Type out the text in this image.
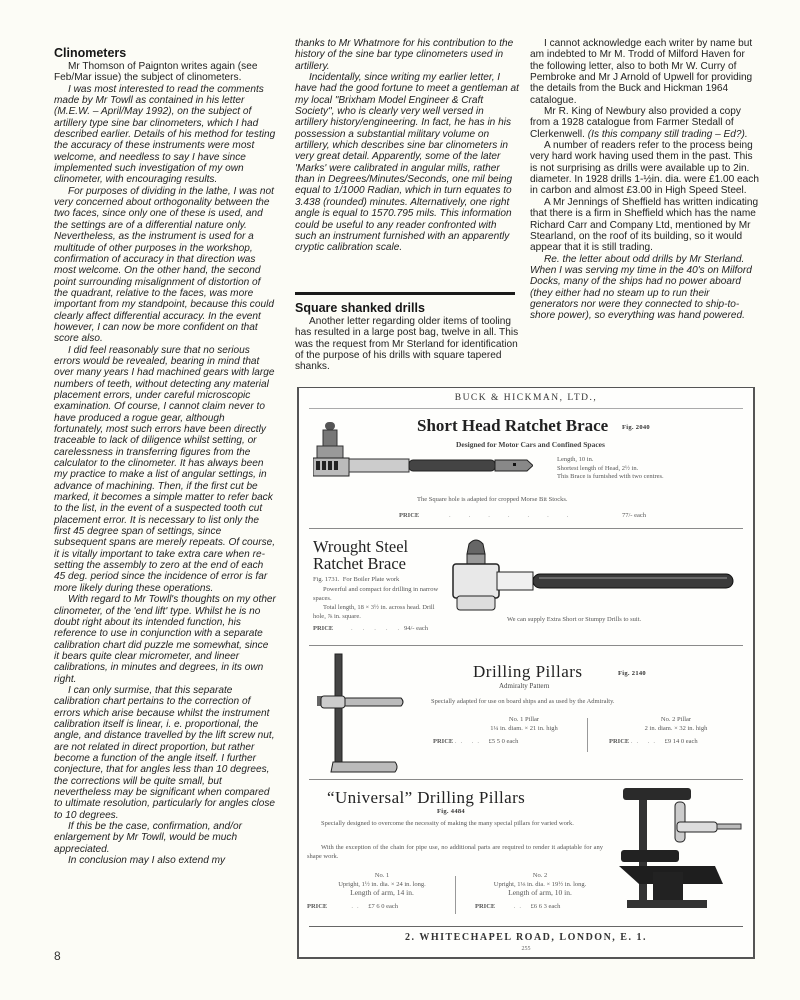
Clinometers

Mr Thomson of Paignton writes again (see Feb/Mar issue) the subject of clinometers.

I was most interested to read the comments made by Mr Towll as contained in his letter (M.E.W. – April/May 1992), on the subject of artillery type sine bar clinometers, which I had described earlier. Details of his method for testing the accuracy of these instruments were most welcome, and needless to say I have since implemented such investigation of my own clinometer, with encouraging results.

For purposes of dividing in the lathe, I was not very concerned about orthogonality between the two faces, since only one of these is used, and the settings are of a differential nature only. Nevertheless, as the instrument is used for a multitude of other purposes in the workshop, confirmation of accuracy in that direction was most welcome. On the other hand, the second point surrounding misalignment of distortion of the quadrant, relative to the faces, was more important from my standpoint, because this could clearly affect differential accuracy. In the event however, I can now be more confident on that score also.

I did feel reasonably sure that no serious errors would be revealed, bearing in mind that over many years I had machined gears with large numbers of teeth, without detecting any material placement errors, under careful microscopic examination. Of course, I cannot claim never to have produced a rogue gear, although fortunately, most such errors have been directly traceable to lack of diligence whilst setting, or carelessness in transferring figures from the calculator to the clinometer. It has always been my practice to make a list of angular settings, in advance of machining. Then, if the first cut be marked, it becomes a simple matter to refer back to the list, in the event of a suspected tooth cut placement error. It is necessary to list only the first 45 degree span of settings, since subsequent spans are merely repeats. Of course, it is vitally important to take extra care when re-setting the assembly to zero at the end of each 45 deg. period since the incidence of error is far more likely during these operations.

With regard to Mr Towll's thoughts on my other clinometer, of the 'end lift' type. Whilst he is no doubt right about its intended function, his reference to use in conjunction with a separate calibration chart did puzzle me somewhat, since it bears quite clear micrometer, and lineer calibrations, in minutes and degrees, in its own right.

I can only surmise, that this separate calibration chart pertains to the correction of errors which arise because whilst the instrument calibration itself is linear, i. e. proportional, the angle, and distance travelled by the lift screw nut, are not related in direct proportion, but rather become a function of the angle itself. I further conjecture, that for angles less than 10 degrees, the corrections will be quite small, but nevertheless may be significant when compared to ultimate resolution, particularly for angles close to 10 degrees.

If this be the case, confirmation, and/or enlargement by Mr Towll, would be much appreciated.

In conclusion may I also extend my

thanks to Mr Whatmore for his contribution to the history of the sine bar type clinometers used in artillery.

Incidentally, since writing my earlier letter, I have had the good fortune to meet a gentleman at my local "Brixham Model Engineer & Craft Society", who is clearly very well versed in artillery history/engineering. In fact, he has in his possession a substantial military volume on artillery, which describes sine bar clinometers in very great detail. Apparently, some of the later 'Marks' were calibrated in angular mills, rather than in Degrees/Minutes/Seconds, one mil being equal to 1/1000 Radian, which in turn equates to 3.438 (rounded) minutes. Alternatively, one right angle is equal to 1570.795 mils. This information could be useful to any reader confronted with such an instrument furnished with an apparently cryptic calibration scale.

Square shanked drills

Another letter regarding older items of tooling has resulted in a large post bag, twelve in all. This was the request from Mr Sterland for identification of the purpose of his drills with square tapered shanks.

I cannot acknowledge each writer by name but am indebted to Mr M. Trodd of Milford Haven for the following letter, also to both Mr W. Curry of Pembroke and Mr J Arnold of Upwell for providing the details from the Buck and Hickman 1964 catalogue.

Mr R. King of Newbury also provided a copy from a 1928 catalogue from Farmer Stedall of Clerkenwell. (Is this company still trading – Ed?).

A number of readers refer to the process being very hard work having used them in the past. This is not surprising as drills were available up to 2in. diameter. In 1928 drills 1-½in. dia. were £1.00 each in carbon and almost £3.00 in High Speed Steel.

A Mr Jennings of Sheffield has written indicating that there is a firm in Sheffield which has the name Richard Carr and Company Ltd, mentioned by Mr Stearland, on the roof of its building, so it would appear that it is still trading.

Re. the letter about odd drills by Mr Sterland. When I was serving my time in the 40's on Milford Docks, many of the ships had no power aboard (they either had no steam up to run their generators nor were they connected to ship-to-shore power), so everything was hand powered.

BUCK & HICKMAN, LTD.,
Short Head Ratchet Brace Fig. 2040
Designed for Motor Cars and Confined Spaces
Length, 10 in.
Shortest length of Head, 2½ in.
This Brace is furnished with two centres.
The Square hole is adapted for cropped Morse Bit Stocks.
PRICE	.......	77/- each
Wrought Steel
Ratchet Brace
Fig. 1731. For Boiler Plate work
Powerful and compact for drilling in narrow spaces.
Total length, 18 × 3½ in. across head. Drill hole, ⅞ in. square.
PRICE	.....
94/- each
We can supply Extra Short or Stumpy Drills to suit.
Drilling Pillars	Fig. 2140
Admiralty Pattern
Specially adapted for use on board ships and as used by the Admiralty.
No. 1 Pillar
1¼ in. diam. × 21 in. high
PRICE .. .. £5 5 0 each
No. 2 Pillar
2 in. diam. × 32 in. high
PRICE .. .. £9 14 0 each
“Universal” Drilling Pillars
Fig. 4484
Specially designed to overcome the necessity of making the many special pillars for varied work.
With the exception of the chain for pipe use, no additional parts are required to render it adaptable for any shape work.
No. 1
Upright, 1½ in. dia. × 24 in. long.
Length of arm, 14 in.
PRICE     .. £7 6 0 each
No. 2
Upright, 1⅛ in. dia. × 19½ in. long.
Length of arm, 10 in.
PRICE    .. £6 6 3 each
2. WHITECHAPEL ROAD, LONDON, E. 1.
255
8
